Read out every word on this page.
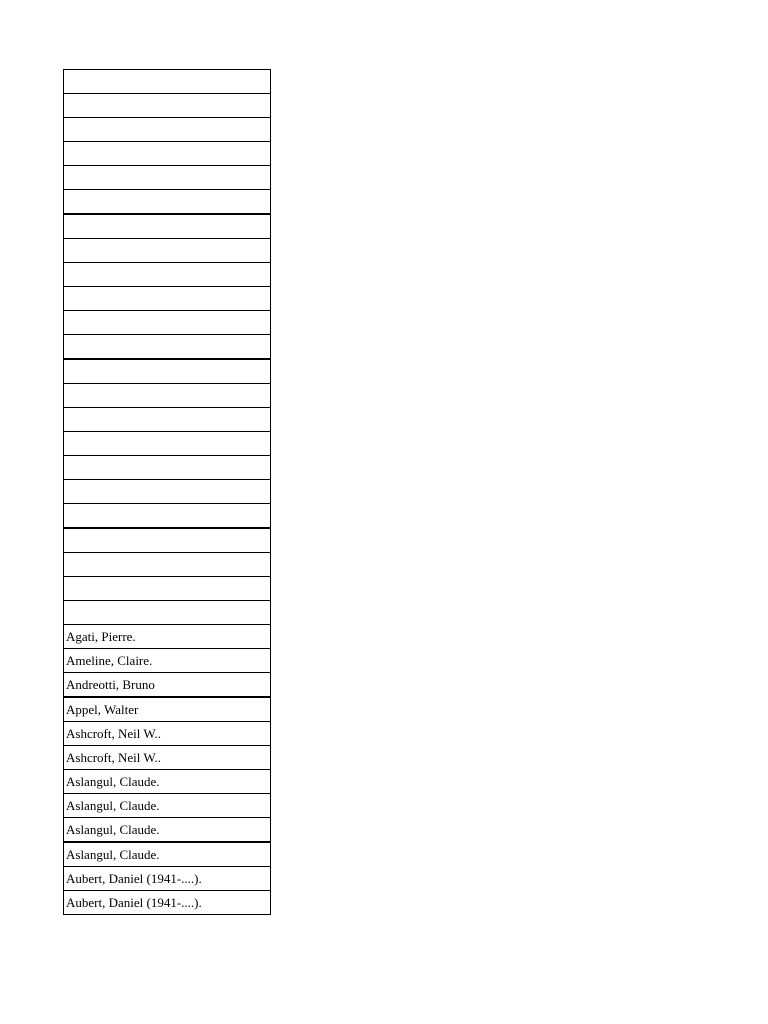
Agati, Pierre.
Ameline, Claire.
Andreotti, Bruno
Appel, Walter
Ashcroft, Neil W..
Ashcroft, Neil W..
Aslangul, Claude.
Aslangul, Claude.
Aslangul, Claude.
Aslangul, Claude.
Aubert, Daniel (1941-....).
Aubert, Daniel (1941-....).
